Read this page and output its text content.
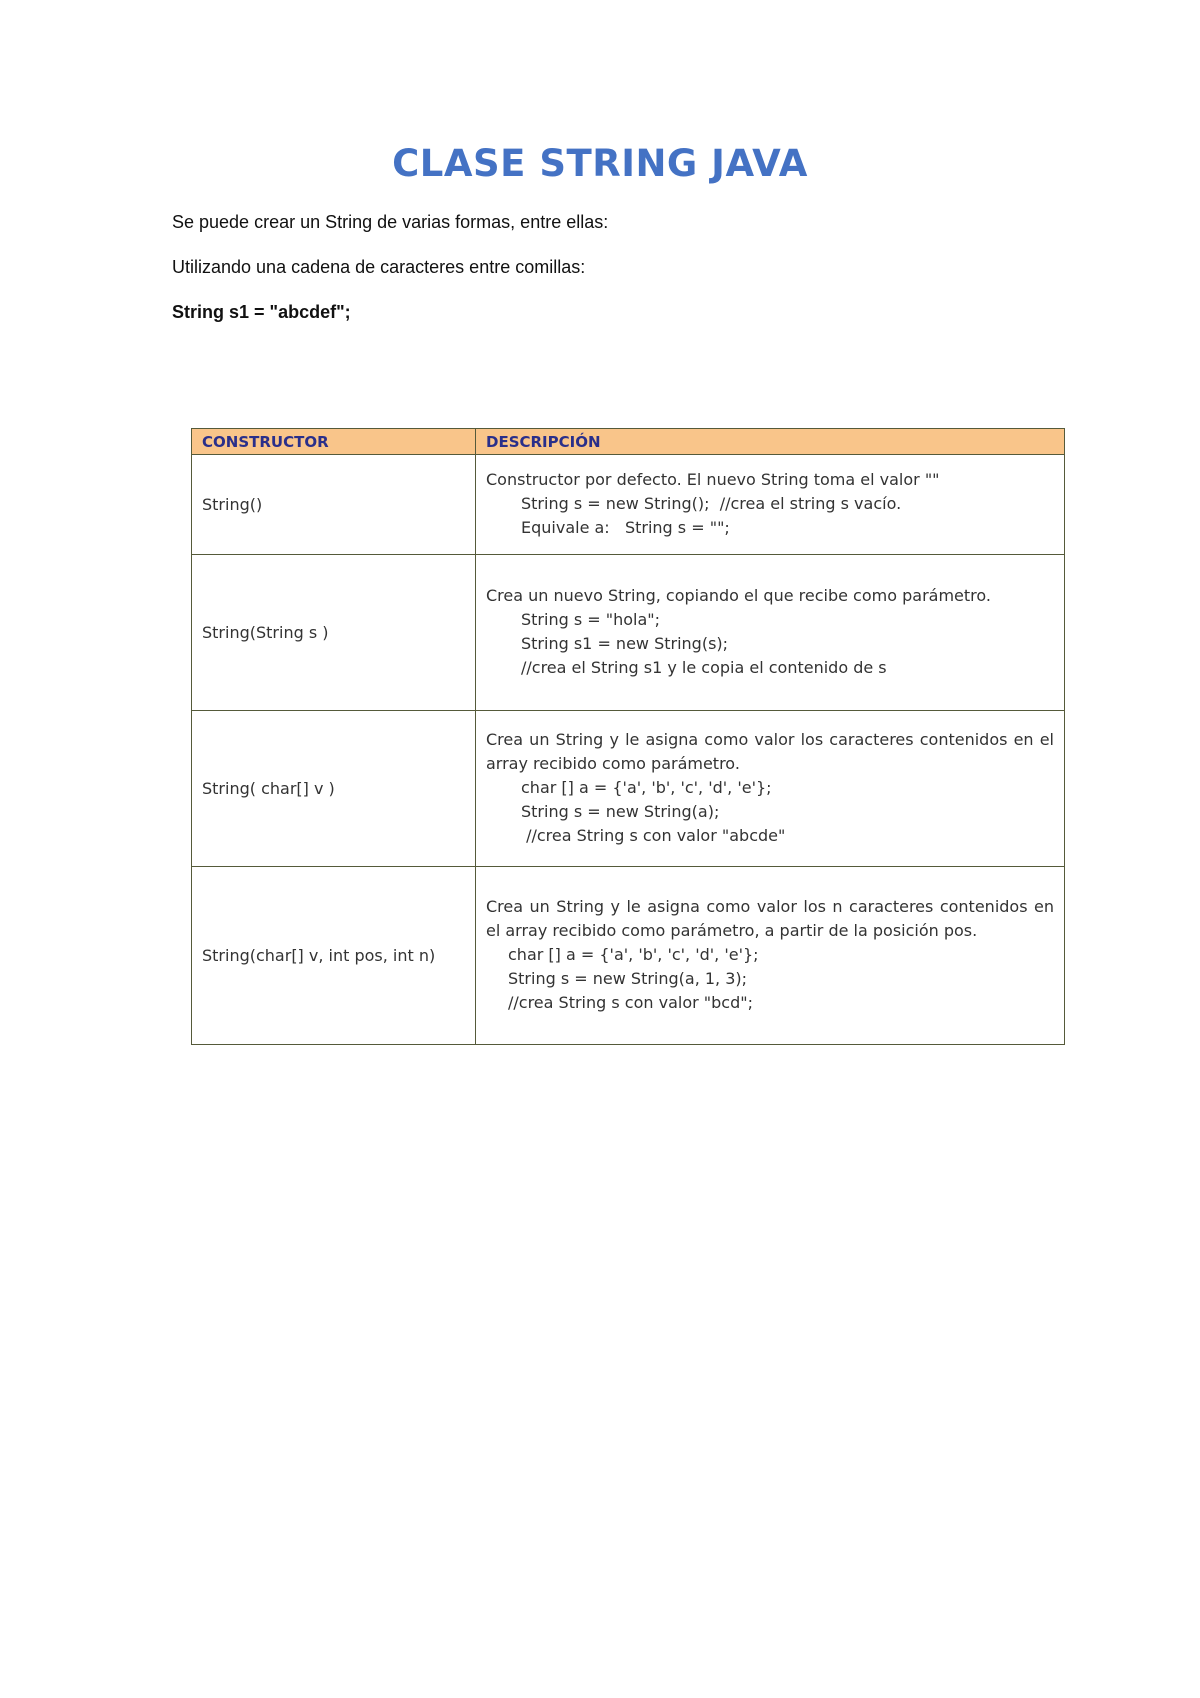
CLASE STRING JAVA

Se puede crear un String de varias formas, entre ellas:

Utilizando una cadena de caracteres entre comillas:

String s1 = "abcdef";

CONSTRUCTOR	DESCRIPCIÓN
String()	Constructor por defecto. El nuevo String toma el valor ""
String s = new String();  //crea el string s vacío.
Equivale a:   String s = "";

String(String s )	Crea un nuevo String, copiando el que recibe como parámetro.
String s = "hola";
String s1 = new String(s);
//crea el String s1 y le copia el contenido de s

String( char[] v )	Crea un String y le asigna como valor los caracteres contenidos en el array recibido como parámetro.
char [] a = {'a', 'b', 'c', 'd', 'e'};
String s = new String(a);
//crea String s con valor "abcde"

String(char[] v, int pos, int n)	Crea un String y le asigna como valor los n caracteres contenidos en el array recibido como parámetro, a partir de la posición pos.
char [] a = {'a', 'b', 'c', 'd', 'e'};
String s = new String(a, 1, 3);
//crea String s con valor "bcd";
